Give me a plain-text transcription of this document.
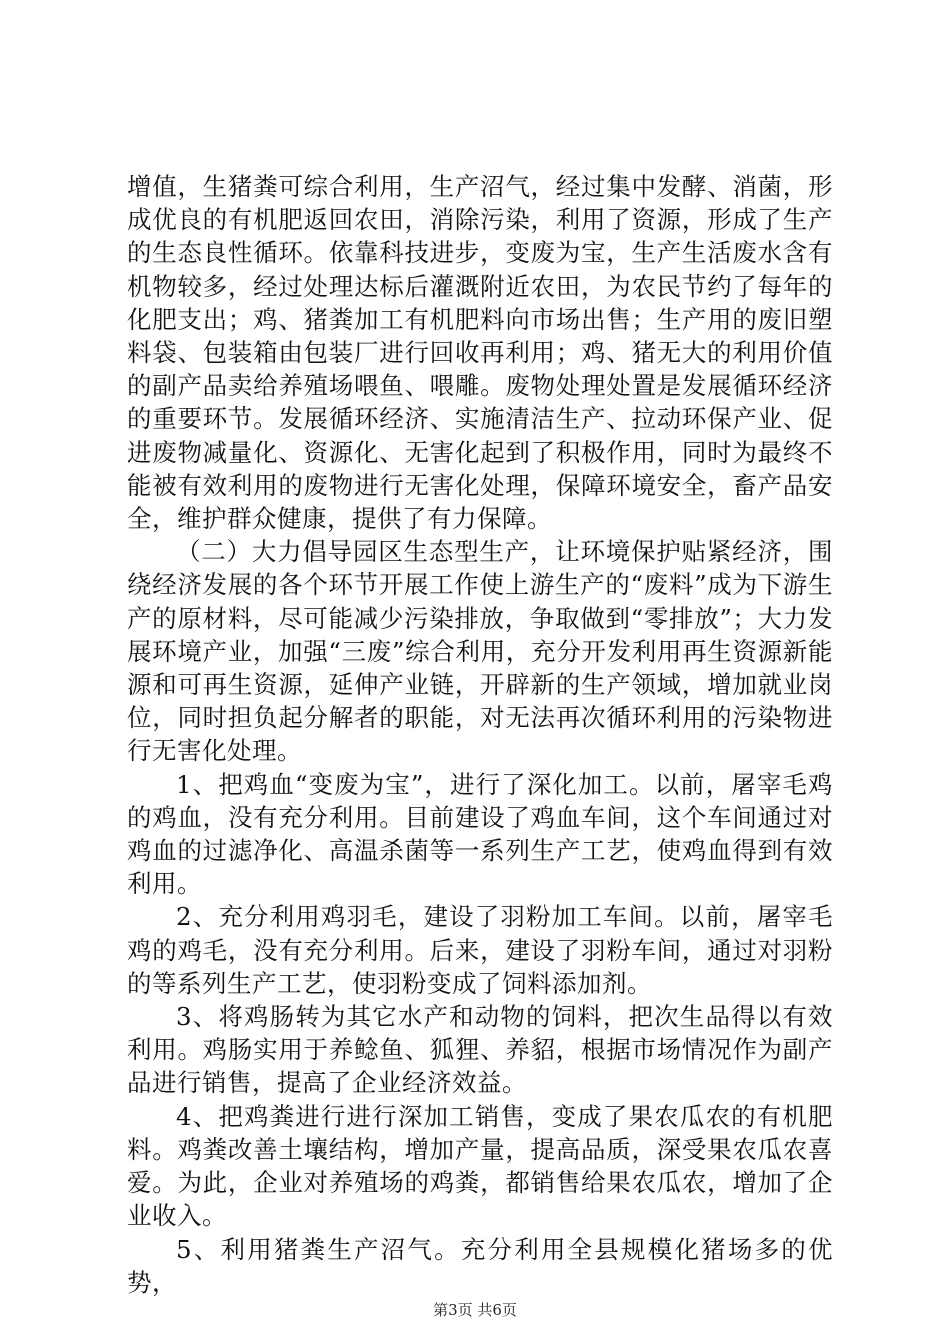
增值，生猪粪可综合利用，生产沼气，经过集中发酵、消菌，形成优良的有机肥返回农田，消除污染，利用了资源，形成了生产的生态良性循环。依靠科技进步，变废为宝，生产生活废水含有机物较多，经过处理达标后灌溉附近农田，为农民节约了每年的化肥支出；鸡、猪粪加工有机肥料向市场出售；生产用的废旧塑料袋、包装箱由包装厂进行回收再利用；鸡、猪无大的利用价值的副产品卖给养殖场喂鱼、喂雕。废物处理处置是发展循环经济的重要环节。发展循环经济、实施清洁生产、拉动环保产业、促进废物减量化、资源化、无害化起到了积极作用，同时为最终不能被有效利用的废物进行无害化处理，保障环境安全，畜产品安全，维护群众健康，提供了有力保障。

（二）大力倡导园区生态型生产，让环境保护贴紧经济，围绕经济发展的各个环节开展工作使上游生产的“废料”成为下游生产的原材料，尽可能减少污染排放，争取做到“零排放”；大力发展环境产业，加强“三废”综合利用，充分开发利用再生资源新能源和可再生资源，延伸产业链，开辟新的生产领域，增加就业岗位，同时担负起分解者的职能，对无法再次循环利用的污染物进行无害化处理。

1、把鸡血“变废为宝”，进行了深化加工。以前，屠宰毛鸡的鸡血，没有充分利用。目前建设了鸡血车间，这个车间通过对鸡血的过滤净化、高温杀菌等一系列生产工艺，使鸡血得到有效利用。

2、充分利用鸡羽毛，建设了羽粉加工车间。以前，屠宰毛鸡的鸡毛，没有充分利用。后来，建设了羽粉车间，通过对羽粉的等系列生产工艺，使羽粉变成了饲料添加剂。

3、将鸡肠转为其它水产和动物的饲料，把次生品得以有效利用。鸡肠实用于养鲶鱼、狐狸、养貂，根据市场情况作为副产品进行销售，提高了企业经济效益。

4、把鸡粪进行进行深加工销售，变成了果农瓜农的有机肥料。鸡粪改善土壤结构，增加产量，提高品质，深受果农瓜农喜爱。为此，企业对养殖场的鸡粪，都销售给果农瓜农，增加了企业收入。

5、利用猪粪生产沼气。充分利用全县规模化猪场多的优势，

第3页 共6页
